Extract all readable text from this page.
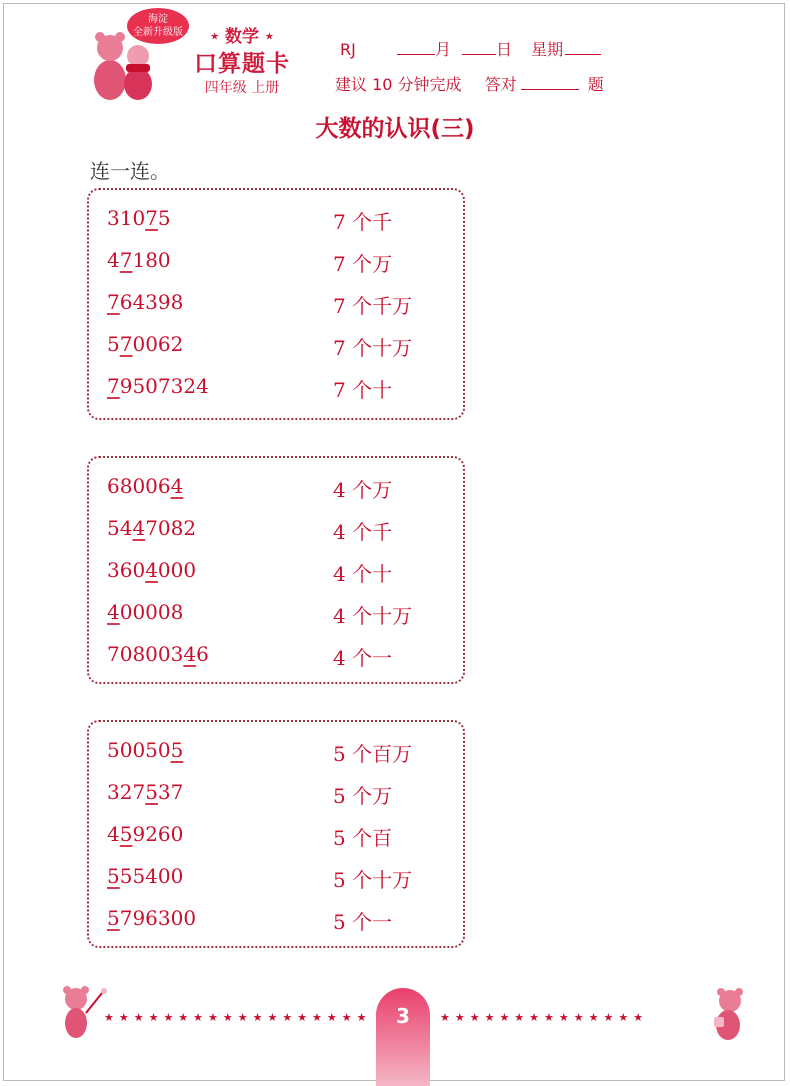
海淀
全新升级版	★ 数学 ★
口算题卡
四年级 上册
RJ	月	日 星期
建议 10 分钟完成 答对	题
大数的认识(三)
连一连。
31075	7 个千
47180	7 个万
764398	7 个千万
570062	7 个十万
79507324	7 个十
680064	4 个万
5447082	4 个千
3604000	4 个十
400008	4 个十万
70800346	4 个一
500505	5 个百万
327537	5 个万
459260	5 个百
555400	5 个十万
5796300	5 个一
★★★★★★★★★★★★★★★★★★	3	★★★★★★★★★★★★★★
